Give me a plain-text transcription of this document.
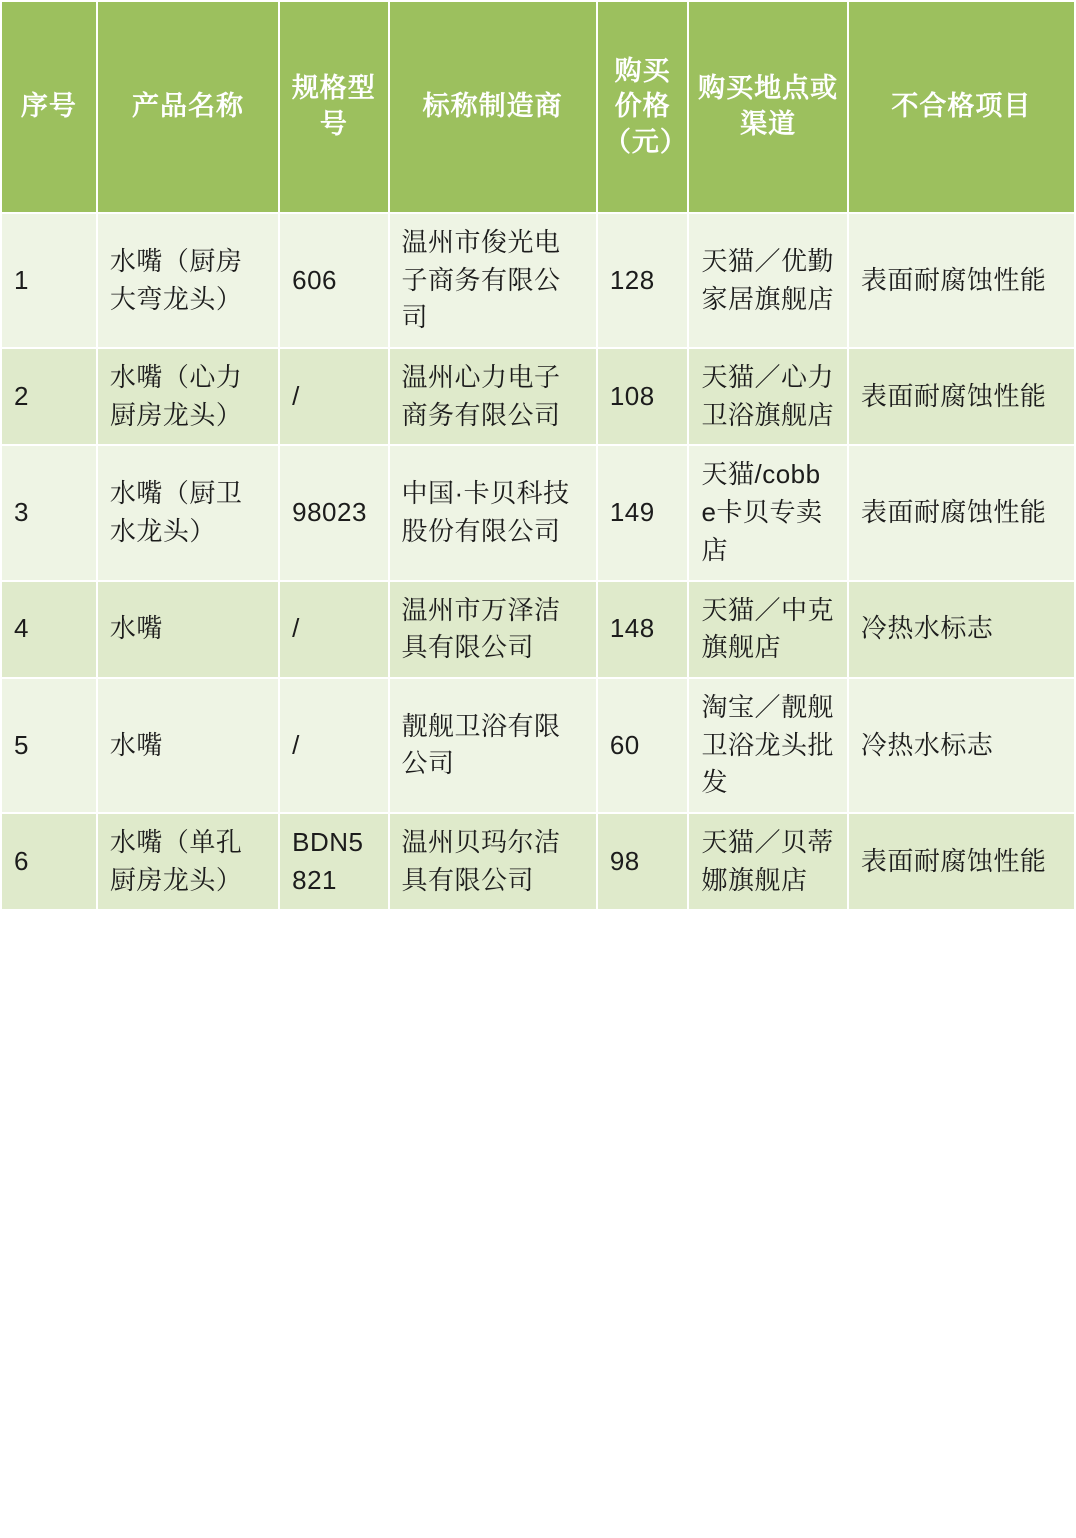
序号	产品名称	规格型号	标称制造商	购买价格（元）	购买地点或渠道	不合格项目
1	水嘴（厨房大弯龙头）	606	温州市俊光电子商务有限公司	128	天猫／优勤家居旗舰店	表面耐腐蚀性能
2	水嘴（心力厨房龙头）	/	温州心力电子商务有限公司	108	天猫／心力卫浴旗舰店	表面耐腐蚀性能
3	水嘴（厨卫水龙头）	98023	中国·卡贝科技股份有限公司	149	天猫/cobbe卡贝专卖店	表面耐腐蚀性能
4	水嘴	/	温州市万泽洁具有限公司	148	天猫／中克旗舰店	冷热水标志
5	水嘴	/	靓舰卫浴有限公司	60	淘宝／靓舰卫浴龙头批发	冷热水标志
6	水嘴（单孔厨房龙头）	BDN5821	温州贝玛尔洁具有限公司	98	天猫／贝蒂娜旗舰店	表面耐腐蚀性能
